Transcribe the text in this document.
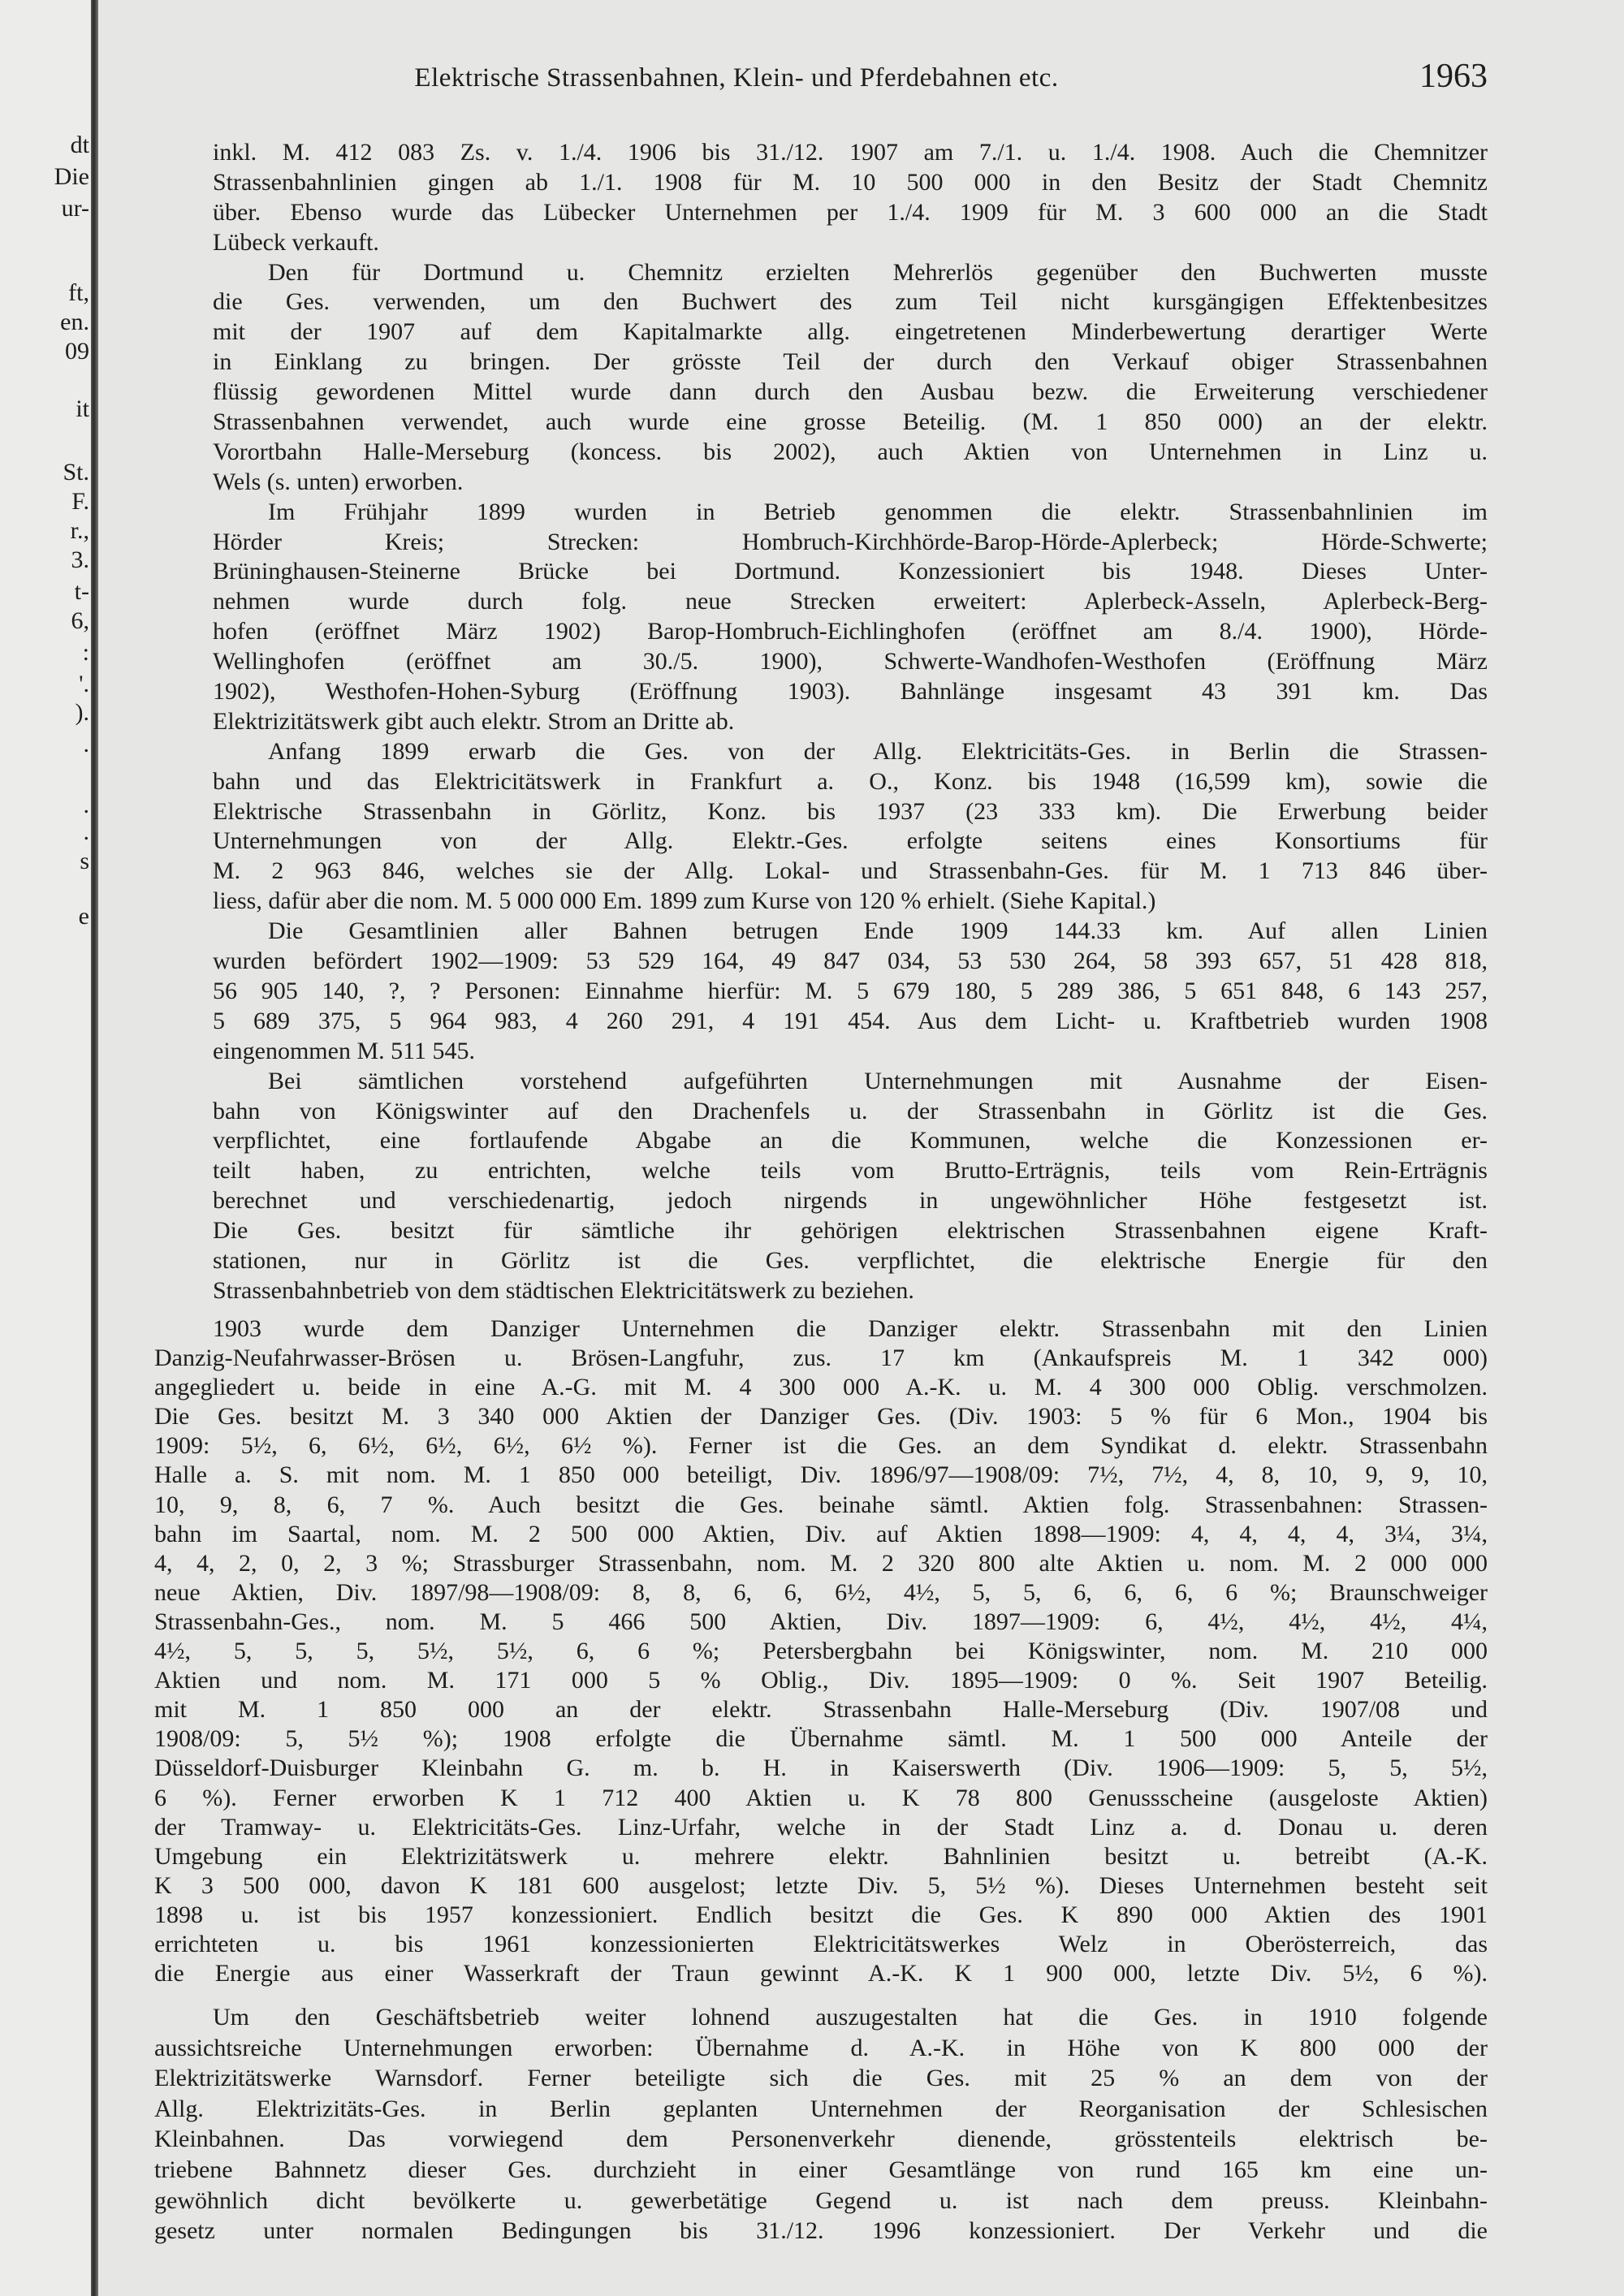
dt
Die
ur-
ft,
en.
09
it
St.
F.
r.,
3.
t-
6,
:
'.
).
.
.
.
s
e
Elektrische Strassenbahnen, Klein- und Pferdebahnen etc.	1963
inkl. M. 412 083 Zs. v. 1./4. 1906 bis 31./12. 1907 am 7./1. u. 1./4. 1908. Auch die Chemnitzer
Strassenbahnlinien gingen ab 1./1. 1908 für M. 10 500 000 in den Besitz der Stadt Chemnitz
über. Ebenso wurde das Lübecker Unternehmen per 1./4. 1909 für M. 3 600 000 an die Stadt
Lübeck verkauft.
Den für Dortmund u. Chemnitz erzielten Mehrerlös gegenüber den Buchwerten musste
die Ges. verwenden, um den Buchwert des zum Teil nicht kursgängigen Effektenbesitzes
mit der 1907 auf dem Kapitalmarkte allg. eingetretenen Minderbewertung derartiger Werte
in Einklang zu bringen. Der grösste Teil der durch den Verkauf obiger Strassenbahnen
flüssig gewordenen Mittel wurde dann durch den Ausbau bezw. die Erweiterung verschiedener
Strassenbahnen verwendet, auch wurde eine grosse Beteilig. (M. 1 850 000) an der elektr.
Vorortbahn Halle-Merseburg (koncess. bis 2002), auch Aktien von Unternehmen in Linz u.
Wels (s. unten) erworben.
Im Frühjahr 1899 wurden in Betrieb genommen die elektr. Strassenbahnlinien im
Hörder Kreis; Strecken: Hombruch-Kirchhörde-Barop-Hörde-Aplerbeck; Hörde-Schwerte;
Brüninghausen-Steinerne Brücke bei Dortmund. Konzessioniert bis 1948. Dieses Unter-
nehmen wurde durch folg. neue Strecken erweitert: Aplerbeck-Asseln, Aplerbeck-Berg-
hofen (eröffnet März 1902) Barop-Hombruch-Eichlinghofen (eröffnet am 8./4. 1900), Hörde-
Wellinghofen (eröffnet am 30./5. 1900), Schwerte-Wandhofen-Westhofen (Eröffnung März
1902), Westhofen-Hohen-Syburg (Eröffnung 1903). Bahnlänge insgesamt 43 391 km. Das
Elektrizitätswerk gibt auch elektr. Strom an Dritte ab.
Anfang 1899 erwarb die Ges. von der Allg. Elektricitäts-Ges. in Berlin die Strassen-
bahn und das Elektricitätswerk in Frankfurt a. O., Konz. bis 1948 (16,599 km), sowie die
Elektrische Strassenbahn in Görlitz, Konz. bis 1937 (23 333 km). Die Erwerbung beider
Unternehmungen von der Allg. Elektr.-Ges. erfolgte seitens eines Konsortiums für
M. 2 963 846, welches sie der Allg. Lokal- und Strassenbahn-Ges. für M. 1 713 846 über-
liess, dafür aber die nom. M. 5 000 000 Em. 1899 zum Kurse von 120 % erhielt. (Siehe Kapital.)
Die Gesamtlinien aller Bahnen betrugen Ende 1909 144.33 km. Auf allen Linien
wurden befördert 1902—1909: 53 529 164, 49 847 034, 53 530 264, 58 393 657, 51 428 818,
56 905 140, ?, ? Personen: Einnahme hierfür: M. 5 679 180, 5 289 386, 5 651 848, 6 143 257,
5 689 375, 5 964 983, 4 260 291, 4 191 454. Aus dem Licht- u. Kraftbetrieb wurden 1908
eingenommen M. 511 545.
Bei sämtlichen vorstehend aufgeführten Unternehmungen mit Ausnahme der Eisen-
bahn von Königswinter auf den Drachenfels u. der Strassenbahn in Görlitz ist die Ges.
verpflichtet, eine fortlaufende Abgabe an die Kommunen, welche die Konzessionen er-
teilt haben, zu entrichten, welche teils vom Brutto-Erträgnis, teils vom Rein-Erträgnis
berechnet und verschiedenartig, jedoch nirgends in ungewöhnlicher Höhe festgesetzt ist.
Die Ges. besitzt für sämtliche ihr gehörigen elektrischen Strassenbahnen eigene Kraft-
stationen, nur in Görlitz ist die Ges. verpflichtet, die elektrische Energie für den
Strassenbahnbetrieb von dem städtischen Elektricitätswerk zu beziehen.
1903 wurde dem Danziger Unternehmen die Danziger elektr. Strassenbahn mit den Linien
Danzig-Neufahrwasser-Brösen u. Brösen-Langfuhr, zus. 17 km (Ankaufspreis M. 1 342 000)
angegliedert u. beide in eine A.-G. mit M. 4 300 000 A.-K. u. M. 4 300 000 Oblig. verschmolzen.
Die Ges. besitzt M. 3 340 000 Aktien der Danziger Ges. (Div. 1903: 5 % für 6 Mon., 1904 bis
1909: 5½, 6, 6½, 6½, 6½, 6½ %). Ferner ist die Ges. an dem Syndikat d. elektr. Strassenbahn
Halle a. S. mit nom. M. 1 850 000 beteiligt, Div. 1896/97—1908/09: 7½, 7½, 4, 8, 10, 9, 9, 10,
10, 9, 8, 6, 7 %. Auch besitzt die Ges. beinahe sämtl. Aktien folg. Strassenbahnen: Strassen-
bahn im Saartal, nom. M. 2 500 000 Aktien, Div. auf Aktien 1898—1909: 4, 4, 4, 4, 3¼, 3¼,
4, 4, 2, 0, 2, 3 %; Strassburger Strassenbahn, nom. M. 2 320 800 alte Aktien u. nom. M. 2 000 000
neue Aktien, Div. 1897/98—1908/09: 8, 8, 6, 6, 6½, 4½, 5, 5, 6, 6, 6, 6 %; Braunschweiger
Strassenbahn-Ges., nom. M. 5 466 500 Aktien, Div. 1897—1909: 6, 4½, 4½, 4½, 4¼,
4½, 5, 5, 5, 5½, 5½, 6, 6 %; Petersbergbahn bei Königswinter, nom. M. 210 000
Aktien und nom. M. 171 000 5 % Oblig., Div. 1895—1909: 0 %. Seit 1907 Beteilig.
mit M. 1 850 000 an der elektr. Strassenbahn Halle-Merseburg (Div. 1907/08 und
1908/09: 5, 5½ %); 1908 erfolgte die Übernahme sämtl. M. 1 500 000 Anteile der
Düsseldorf-Duisburger Kleinbahn G. m. b. H. in Kaiserswerth (Div. 1906—1909: 5, 5, 5½,
6 %). Ferner erworben K 1 712 400 Aktien u. K 78 800 Genussscheine (ausgeloste Aktien)
der Tramway- u. Elektricitäts-Ges. Linz-Urfahr, welche in der Stadt Linz a. d. Donau u. deren
Umgebung ein Elektrizitätswerk u. mehrere elektr. Bahnlinien besitzt u. betreibt (A.-K.
K 3 500 000, davon K 181 600 ausgelost; letzte Div. 5, 5½ %). Dieses Unternehmen besteht seit
1898 u. ist bis 1957 konzessioniert. Endlich besitzt die Ges. K 890 000 Aktien des 1901
errichteten u. bis 1961 konzessionierten Elektricitätswerkes Welz in Oberösterreich, das
die Energie aus einer Wasserkraft der Traun gewinnt A.-K. K 1 900 000, letzte Div. 5½, 6 %).
Um den Geschäftsbetrieb weiter lohnend auszugestalten hat die Ges. in 1910 folgende
aussichtsreiche Unternehmungen erworben: Übernahme d. A.-K. in Höhe von K 800 000 der
Elektrizitätswerke Warnsdorf. Ferner beteiligte sich die Ges. mit 25 % an dem von der
Allg. Elektrizitäts-Ges. in Berlin geplanten Unternehmen der Reorganisation der Schlesischen
Kleinbahnen. Das vorwiegend dem Personenverkehr dienende, grösstenteils elektrisch be-
triebene Bahnnetz dieser Ges. durchzieht in einer Gesamtlänge von rund 165 km eine un-
gewöhnlich dicht bevölkerte u. gewerbetätige Gegend u. ist nach dem preuss. Kleinbahn-
gesetz unter normalen Bedingungen bis 31./12. 1996 konzessioniert. Der Verkehr und die
